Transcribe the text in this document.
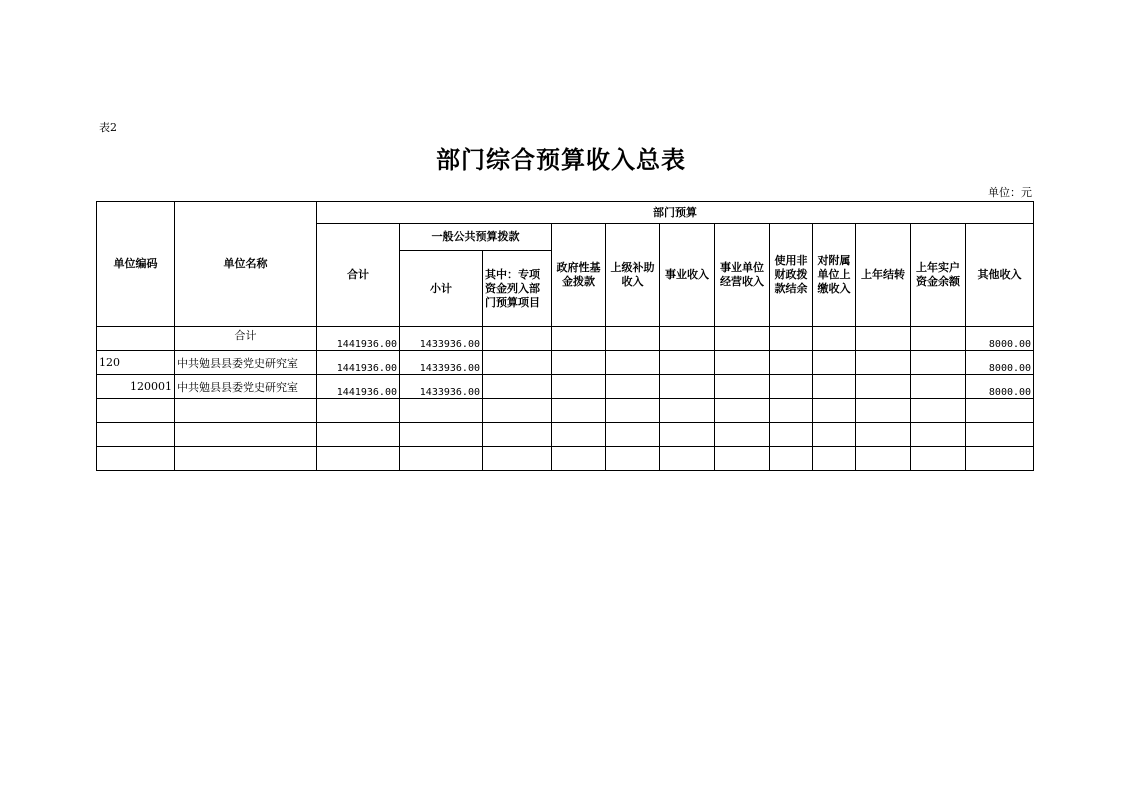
表2
部门综合预算收入总表
单位：元
单位编码	单位名称	部门预算											
		合计	一般公共预算拨款		政府性基金拨款	上级补助收入	事业收入	事业单位经营收入	使用非财政拨款结余	对附属单位上缴收入	上年结转	上年实户资金余额	其他收入
			小计	其中：专项资金列入部门预算项目									
	合计	1441936.00	1433936.00										8000.00
120	中共勉县县委党史研究室	1441936.00	1433936.00										8000.00
120001	中共勉县县委党史研究室	1441936.00	1433936.00										8000.00
